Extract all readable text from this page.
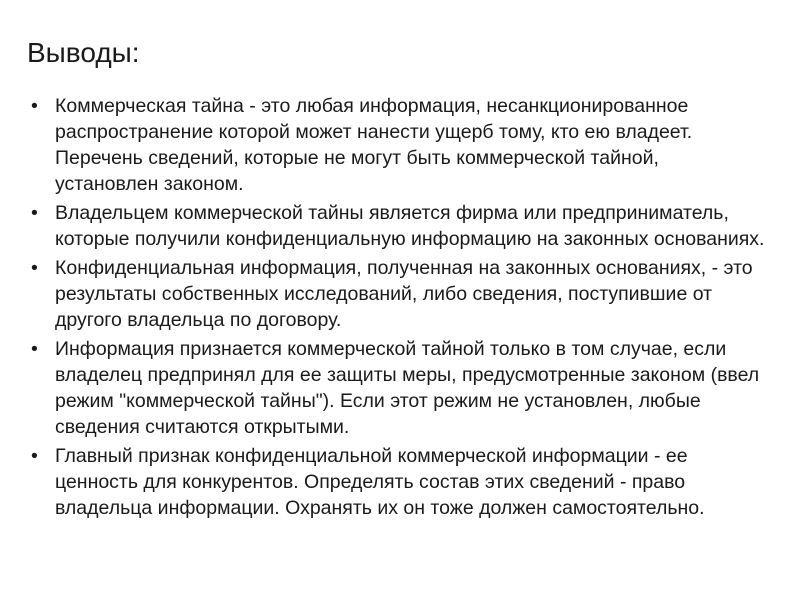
Выводы:
• Коммерческая тайна - это любая информация, несанкционированное распространение которой может нанести ущерб тому, кто ею владеет. Перечень сведений, которые не могут быть коммерческой тайной, установлен законом.
• Владельцем коммерческой тайны является фирма или предприниматель, которые получили конфиденциальную информацию на законных основаниях.
• Конфиденциальная информация, полученная на законных основаниях, - это результаты собственных исследований, либо сведения, поступившие от другого владельца по договору.
• Информация признается коммерческой тайной только в том случае, если владелец предпринял для ее защиты меры, предусмотренные законом (ввел режим "коммерческой тайны"). Если этот режим не установлен, любые сведения считаются открытыми.
• Главный признак конфиденциальной коммерческой информации - ее ценность для конкурентов. Определять состав этих сведений - право владельца информации. Охранять их он тоже должен самостоятельно.
